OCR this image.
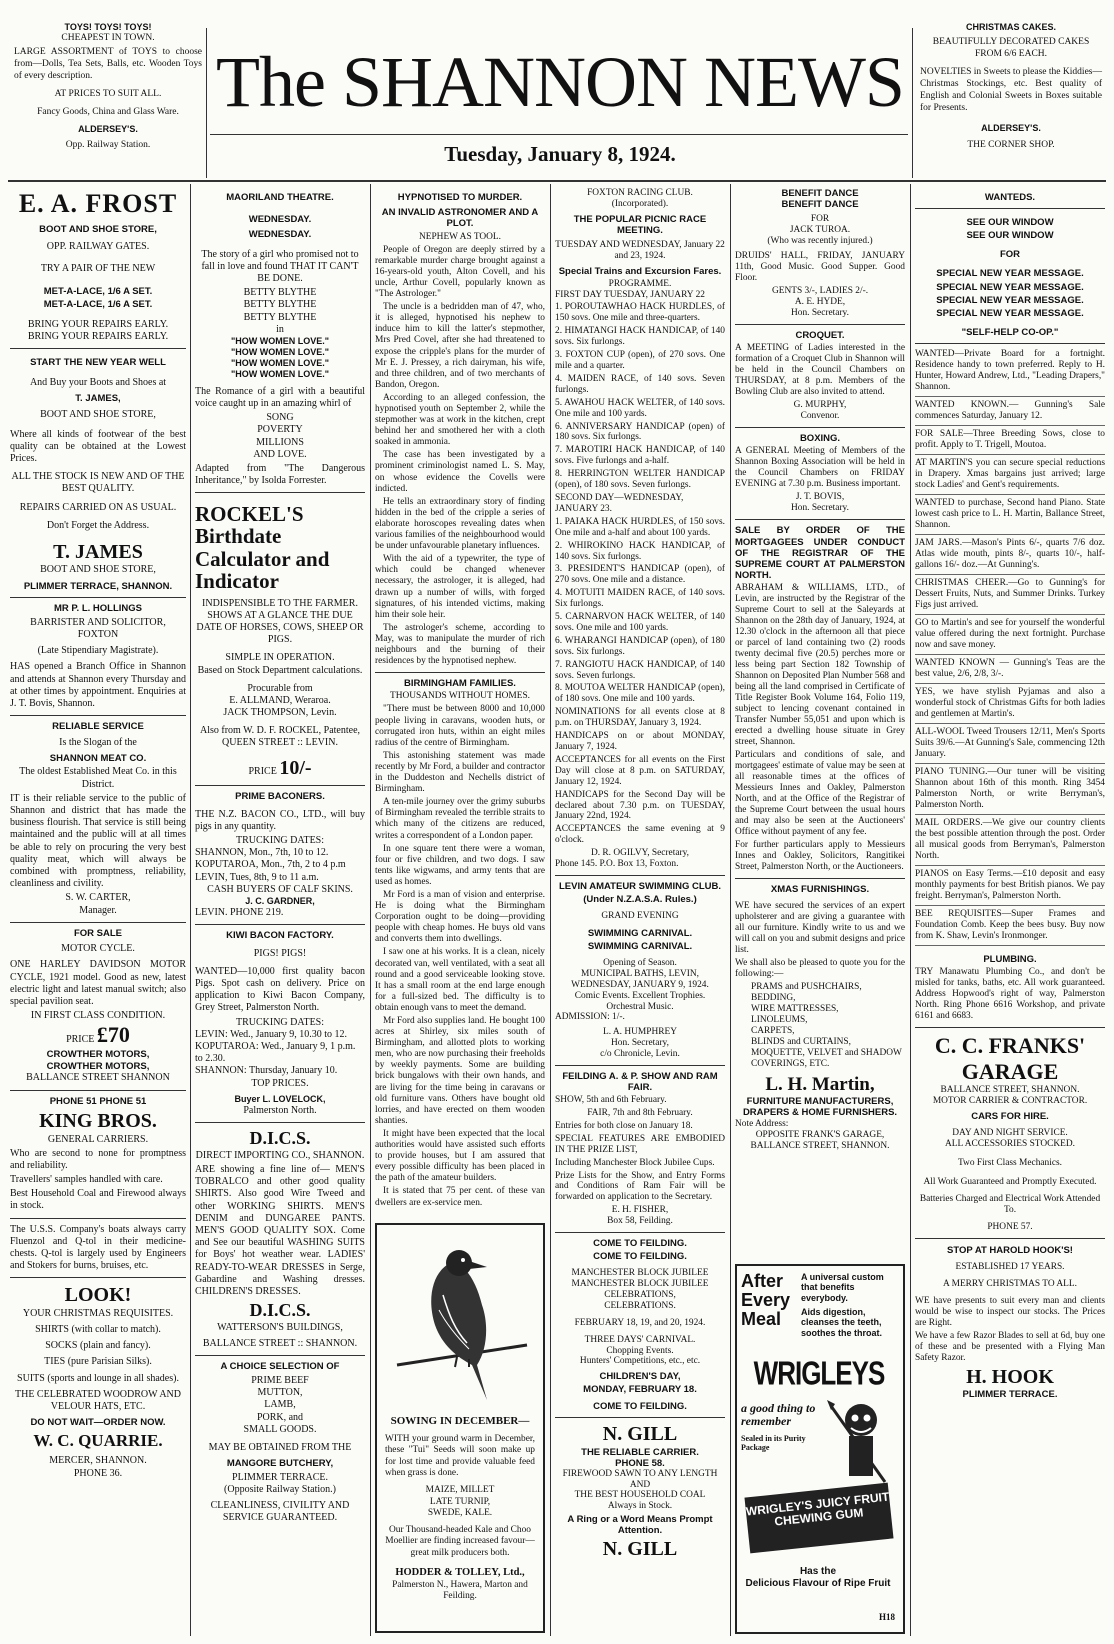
TOYS! TOYS! TOYS!
CHEAPEST IN TOWN.

LARGE ASSORTMENT of TOYS to choose from—Dolls, Tea Sets, Balls, etc. Wooden Toys of every description.

AT PRICES TO SUIT ALL.
Fancy Goods, China and Glass Ware.
ALDERSEY'S.
Opp. Railway Station.
The SHANNON NEWS
Tuesday, January 8, 1924.
CHRISTMAS CAKES.
BEAUTIFULLY DECORATED CAKES FROM 6/6 EACH.

NOVELTIES in Sweets to please the Kiddies—Christmas Stockings, etc. Best quality of English and Colonial Sweets in Boxes suitable for Presents.

ALDERSEY'S.
THE CORNER SHOP.
E. A. FROST
BOOT AND SHOE STORE,
OPP. RAILWAY GATES.
TRY A PAIR OF THE NEW
MET-A-LACE, 1/6 A SET.
MET-A-LACE, 1/6 A SET.
BRING YOUR REPAIRS EARLY.
BRING YOUR REPAIRS EARLY.
START THE NEW YEAR WELL
And Buy your Boots and Shoes at
T. JAMES,
BOOT AND SHOE STORE,

Where all kinds of footwear of the best quality can be obtained at the Lowest Prices.

ALL THE STOCK IS NEW AND OF THE BEST QUALITY.
REPAIRS CARRIED ON AS USUAL.
Don't Forget the Address.
T. JAMES
BOOT AND SHOE STORE,
PLIMMER TERRACE, SHANNON.
MR P. L. HOLLINGS
BARRISTER AND SOLICITOR, FOXTON
(Late Stipendiary Magistrate).

HAS opened a Branch Office in Shannon and attends at Shannon every Thursday and at other times by appointment. Enquiries at J. T. Bovis, Shannon.

RELIABLE SERVICE
Is the Slogan of the
SHANNON MEAT CO.
The oldest Established Meat Co. in this District.

IT is their reliable service to the public of Shannon and district that has made the business flourish. That service is still being maintained and the public will at all times be able to rely on procuring the very best quality meat, which will always be combined with promptness, reliability, cleanliness and civility.

S. W. CARTER,
Manager.
FOR SALE
MOTOR CYCLE.

ONE HARLEY DAVIDSON MOTOR CYCLE, 1921 model. Good as new, latest electric light and latest manual switch; also special pavilion seat.

IN FIRST CLASS CONDITION.
PRICE £70
CROWTHER MOTORS,
CROWTHER MOTORS,
BALLANCE STREET SHANNON
PHONE 51 PHONE 51
KING BROS.
GENERAL CARRIERS.

Who are second to none for promptness and reliability.

Travellers' samples handled with care.

Best Household Coal and Firewood always in stock.

The U.S.S. Company's boats always carry Fluenzol and Q-tol in their medicine-chests. Q-tol is largely used by Engineers and Stokers for burns, bruises, etc.

LOOK!
YOUR CHRISTMAS REQUISITES.
SHIRTS (with collar to match).
SOCKS (plain and fancy).
TIES (pure Parisian Silks).
SUITS (sports and lounge in all shades).
THE CELEBRATED WOODROW AND VELOUR HATS, ETC.
DO NOT WAIT—ORDER NOW.
W. C. QUARRIE.
MERCER, SHANNON.
PHONE 36.
MAORILAND THEATRE.
WEDNESDAY.
WEDNESDAY.

The story of a girl who promised not to fall in love and found THAT IT CAN'T BE DONE.

BETTY BLYTHE
BETTY BLYTHE
BETTY BLYTHE
in
"HOW WOMEN LOVE."
"HOW WOMEN LOVE."
"HOW WOMEN LOVE."
"HOW WOMEN LOVE."

The Romance of a girl with a beautiful voice caught up in an amazing whirl of

SONG
POVERTY
MILLIONS
AND LOVE.

Adapted from "The Dangerous Inheritance," by Isolda Forrester.

ROCKEL'S Birthdate Calculator and Indicator

INDISPENSIBLE TO THE FARMER. SHOWS AT A GLANCE THE DUE DATE OF HORSES, COWS, SHEEP OR PIGS.

SIMPLE IN OPERATION.
Based on Stock Department calculations.
Procurable from
E. ALLMAND, Weraroa.
JACK THOMPSON, Levin.
Also from W. D. F. ROCKEL, Patentee,
QUEEN STREET :: LEVIN.
PRICE 10/-
PRIME BACONERS.

THE N.Z. BACON CO., LTD., will buy pigs in any quantity.

TRUCKING DATES:
SHANNON, Mon., 7th, 10 to 12.
KOPUTAROA, Mon., 7th, 2 to 4 p.m
LEVIN, Tues, 8th, 9 to 11 a.m.
CASH BUYERS OF CALF SKINS.
J. C. GARDNER,
LEVIN. PHONE 219.
KIWI BACON FACTORY.
PIGS! PIGS!

WANTED—10,000 first quality bacon Pigs. Spot cash on delivery. Price on application to Kiwi Bacon Company, Grey Street, Palmerston North.

TRUCKING DATES:
LEVIN: Wed., January 9, 10.30 to 12.
KOPUTAROA: Wed., January 9, 1 p.m. to 2.30.
SHANNON: Thursday, January 10.
TOP PRICES.
Buyer L. LOVELOCK,
Palmerston North.
D.I.C.S.
DIRECT IMPORTING CO., SHANNON.

ARE showing a fine line of— MEN'S TOBRALCO and other good quality SHIRTS. Also good Wire Tweed and other WORKING SHIRTS. MEN'S DENIM and DUNGAREE PANTS. MEN'S GOOD QUALITY SOX. Come and See our beautiful WASHING SUITS for Boys' hot weather wear. LADIES' READY-TO-WEAR DRESSES in Serge, Gabardine and Washing dresses. CHILDREN'S DRESSES.

D.I.C.S.
WATTERSON'S BUILDINGS,
BALLANCE STREET :: SHANNON.
A CHOICE SELECTION OF
PRIME BEEF
MUTTON,
LAMB,
PORK, and
SMALL GOODS.
MAY BE OBTAINED FROM THE
MANGORE BUTCHERY,
PLIMMER TERRACE.
(Opposite Railway Station.)
CLEANLINESS, CIVILITY AND SERVICE GUARANTEED.
HYPNOTISED TO MURDER.
AN INVALID ASTRONOMER AND A PLOT.
NEPHEW AS TOOL.

People of Oregon are deeply stirred by a remarkable murder charge brought against a 16-years-old youth, Alton Covell, and his uncle, Arthur Covell, popularly known as "The Astrologer."

The uncle is a bedridden man of 47, who, it is alleged, hypnotised his nephew to induce him to kill the latter's stepmother, Mrs Pred Covel, after she had threatened to expose the cripple's plans for the murder of Mr E. J. Pressey, a rich dairyman, his wife, and three children, and of two merchants of Bandon, Oregon.

According to an alleged confession, the hypnotised youth on September 2, while the stepmother was at work in the kitchen, crept behind her and smothered her with a cloth soaked in ammonia.

The case has been investigated by a prominent criminologist named L. S. May, on whose evidence the Covells were indicted.

He tells an extraordinary story of finding hidden in the bed of the cripple a series of elaborate horoscopes revealing dates when various families of the neighbourhood would be under unfavourable planetary influences.

With the aid of a typewriter, the type of which could be changed whenever necessary, the astrologer, it is alleged, had drawn up a number of wills, with forged signatures, of his intended victims, making him their sole heir.

The astrologer's scheme, according to May, was to manipulate the murder of rich neighbours and the burning of their residences by the hypnotised nephew.

BIRMINGHAM FAMILIES.
THOUSANDS WITHOUT HOMES.

"There must be between 8000 and 10,000 people living in caravans, wooden huts, or corrugated iron huts, within an eight miles radius of the centre of Birmingham.

This astonishing statement was made recently by Mr Ford, a builder and contractor in the Duddeston and Nechells district of Birmingham.

A ten-mile journey over the grimy suburbs of Birmingham revealed the terrible straits to which many of the citizens are reduced, writes a correspondent of a London paper.

In one square tent there were a woman, four or five children, and two dogs. I saw tents like wigwams, and army tents that are used as homes.

Mr Ford is a man of vision and enterprise. He is doing what the Birmingham Corporation ought to be doing—providing people with cheap homes. He buys old vans and converts them into dwellings.

I saw one at his works. It is a clean, nicely decorated van, well ventilated, with a seat all round and a good serviceable looking stove. It has a small room at the end large enough for a full-sized bed. The difficulty is to obtain enough vans to meet the demand.

Mr Ford also supplies land. He bought 100 acres at Shirley, six miles south of Birmingham, and allotted plots to working men, who are now purchasing their freeholds by weekly payments. Some are building brick bungalows with their own hands, and are living for the time being in caravans or old furniture vans. Others have bought old lorries, and have erected on them wooden shanties.

It might have been expected that the local authorities would have assisted such efforts to provide houses, but I am assured that every possible difficulty has been placed in the path of the amateur builders.

It is stated that 75 per cent. of these van dwellers are ex-service men.

SOWING IN DECEMBER—

WITH your ground warm in December, these "Tui" Seeds will soon make up for lost time and provide valuable feed when grass is done.

MAIZE, MILLET
LATE TURNIP,
SWEDE, KALE.

Our Thousand-headed Kale and Choo Moellier are finding increased favour—great milk producers both.

HODDER & TOLLEY, Ltd.,
Palmerston N., Hawera, Marton and Feilding.
FOXTON RACING CLUB.
(Incorporated).
THE POPULAR PICNIC RACE MEETING.
TUESDAY AND WEDNESDAY, January 22 and 23, 1924.
Special Trains and Excursion Fares.
PROGRAMME.
FIRST DAY TUESDAY, JANUARY 22

1. POROUTAWHAO HACK HURDLES, of 150 sovs. One mile and three-quarters.

2. HIMATANGI HACK HANDICAP, of 140 sovs. Six furlongs.

3. FOXTON CUP (open), of 270 sovs. One mile and a quarter.

4. MAIDEN RACE, of 140 sovs. Seven furlongs.

5. AWAHOU HACK WELTER, of 140 sovs. One mile and 100 yards.

6. ANNIVERSARY HANDICAP (open) of 180 sovs. Six furlongs.

7. MAROTIRI HACK HANDICAP, of 140 sovs. Five furlongs and a-half.

8. HERRINGTON WELTER HANDICAP (open), of 180 sovs. Seven furlongs.

SECOND DAY—WEDNESDAY, JANUARY 23.

1. PAIAKA HACK HURDLES, of 150 sovs. One mile and a-half and about 100 yards.

2. WHIROKINO HACK HANDICAP, of 140 sovs. Six furlongs.

3. PRESIDENT'S HANDICAP (open), of 270 sovs. One mile and a distance.

4. MOTUITI MAIDEN RACE, of 140 sovs. Six furlongs.

5. CARNARVON HACK WELTER, of 140 sovs. One mile and 100 yards.

6. WHARANGI HANDICAP (open), of 180 sovs. Six furlongs.

7. RANGIOTU HACK HANDICAP, of 140 sovs. Seven furlongs.

8. MOUTOA WELTER HANDICAP (open), of 180 sovs. One mile and 100 yards.

NOMINATIONS for all events close at 8 p.m. on THURSDAY, January 3, 1924.

HANDICAPS on or about MONDAY, January 7, 1924.

ACCEPTANCES for all events on the First Day will close at 8 p.m. on SATURDAY, January 12, 1924.

HANDICAPS for the Second Day will be declared about 7.30 p.m. on TUESDAY, January 22nd, 1924.

ACCEPTANCES the same evening at 9 o'clock.

D. R. OGILVY, Secretary,
Phone 145. P.O. Box 13, Foxton.
LEVIN AMATEUR SWIMMING CLUB.
(Under N.Z.A.S.A. Rules.)
GRAND EVENING
SWIMMING CARNIVAL.
SWIMMING CARNIVAL.
Opening of Season.
MUNICIPAL BATHS, LEVIN,
WEDNESDAY, JANUARY 9, 1924.
Comic Events. Excellent Trophies.
Orchestral Music.
ADMISSION: 1/-.
L. A. HUMPHREY
Hon. Secretary,
c/o Chronicle, Levin.
FEILDING A. & P. SHOW AND RAM FAIR.

SHOW, 5th and 6th February.

FAIR, 7th and 8th February.

Entries for both close on January 18.

SPECIAL FEATURES ARE EMBODIED IN THE PRIZE LIST,

Including Manchester Block Jubilee Cups.

Prize Lists for the Show, and Entry Forms and Conditions of Ram Fair will be forwarded on application to the Secretary.

E. H. FISHER,
Box 58, Feilding.
COME TO FEILDING.
COME TO FEILDING.
MANCHESTER BLOCK JUBILEE
MANCHESTER BLOCK JUBILEE
CELEBRATIONS,
CELEBRATIONS.
FEBRUARY 18, 19, and 20, 1924.
THREE DAYS' CARNIVAL.
Chopping Events.
Hunters' Competitions, etc., etc.
CHILDREN'S DAY,
MONDAY, FEBRUARY 18.
COME TO FEILDING.
N. GILL
THE RELIABLE CARRIER.
PHONE 58.
FIREWOOD SAWN TO ANY LENGTH
AND
THE BEST HOUSEHOLD COAL
Always in Stock.
A Ring or a Word Means Prompt Attention.
N. GILL
BENEFIT DANCE
BENEFIT DANCE
FOR
JACK TUROA.
(Who was recently injured.)

DRUIDS' HALL, FRIDAY, JANUARY 11th, Good Music. Good Supper. Good Floor.

GENTS 3/-, LADIES 2/-.
A. E. HYDE,
Hon. Secretary.
CROQUET.

A MEETING of Ladies interested in the formation of a Croquet Club in Shannon will be held in the Council Chambers on THURSDAY, at 8 p.m. Members of the Bowling Club are also invited to attend.

G. MURPHY,
Convenor.
BOXING.

A GENERAL Meeting of Members of the Shannon Boxing Association will be held in the Council Chambers on FRIDAY EVENING at 7.30 p.m. Business important.

J. T. BOVIS,
Hon. Secretary.
SALE BY ORDER OF THE MORTGAGEES UNDER CONDUCT OF THE REGISTRAR OF THE SUPREME COURT AT PALMERSTON NORTH.

ABRAHAM & WILLIAMS, LTD., of Levin, are instructed by the Registrar of the Supreme Court to sell at the Saleyards at Shannon on the 28th day of January, 1924, at 12.30 o'clock in the afternoon all that piece or parcel of land containing two (2) roods twenty decimal five (20.5) perches more or less being part Section 182 Township of Shannon on Deposited Plan Number 568 and being all the land comprised in Certificate of Title Register Book Volume 164, Folio 119, subject to lencing covenant contained in Transfer Number 55,051 and upon which is erected a dwelling house situate in Grey street, Shannon.

Particulars and conditions of sale, and mortgagees' estimate of value may be seen at all reasonable times at the offices of Messieurs Innes and Oakley, Palmerston North, and at the Office of the Registrar of the Supreme Court between the usual hours and may also be seen at the Auctioneers' Office without payment of any fee.

For further particulars apply to Messieurs Innes and Oakley, Solicitors, Rangitikei Street, Palmerston North, or the Auctioneers.

XMAS FURNISHINGS.

WE have secured the services of an expert upholsterer and are giving a guarantee with all our furniture. Kindly write to us and we will call on you and submit designs and price list.

We shall also be pleased to quote you for the following:—

PRAMS and PUSHCHAIRS,
BEDDING,
WIRE MATTRESSES,
LINOLEUMS,
CARPETS,
BLINDS and CURTAINS,
MOQUETTE, VELVET and SHADOW COVERINGS, ETC.
L. H. Martin,
FURNITURE MANUFACTURERS, DRAPERS & HOME FURNISHERS.
Note Address:
OPPOSITE FRANK'S GARAGE,
BALLANCE STREET, SHANNON.
After
Every
Meal
A universal custom that benefits everybody.
Aids digestion, cleanses the teeth, soothes the throat.
WRIGLEYS
a good thing to remember
Sealed in its Purity Package
WRIGLEY'S JUICY FRUIT CHEWING GUM
Has the
Delicious Flavour of Ripe Fruit
H18
WANTEDS.
SEE OUR WINDOW
SEE OUR WINDOW
FOR
SPECIAL NEW YEAR MESSAGE.
SPECIAL NEW YEAR MESSAGE.
SPECIAL NEW YEAR MESSAGE.
SPECIAL NEW YEAR MESSAGE.
"SELF-HELP CO-OP."
WANTED—Private Board for a fortnight. Residence handy to town preferred. Reply to H. Hunter, Howard Andrew, Ltd., "Leading Drapers," Shannon.
WANTED KNOWN.— Gunning's Sale commences Saturday, January 12.
FOR SALE—Three Breeding Sows, close to profit. Apply to T. Trigell, Moutoa.
AT MARTIN'S you can secure special reductions in Drapery. Xmas bargains just arrived; large stock Ladies' and Gent's requirements.
WANTED to purchase, Second hand Piano. State lowest cash price to L. H. Martin, Ballance Street, Shannon.
JAM JARS.—Mason's Pints 6/-, quarts 7/6 doz. Atlas wide mouth, pints 8/-, quarts 10/-, half-gallons 16/- doz.—At Gunning's.
CHRISTMAS CHEER.—Go to Gunning's for Dessert Fruits, Nuts, and Summer Drinks. Turkey Figs just arrived.
GO to Martin's and see for yourself the wonderful value offered during the next fortnight. Purchase now and save money.
WANTED KNOWN — Gunning's Teas are the best value, 2/6, 2/8, 3/-.
YES, we have stylish Pyjamas and also a wonderful stock of Christmas Gifts for both ladies and gentlemen at Martin's.
ALL-WOOL Tweed Trousers 12/11, Men's Sports Suits 39/6.—At Gunning's Sale, commencing 12th January.
PIANO TUNING.—Our tuner will be visiting Shannon about 16th of this month. Ring 3454 Palmerston North, or write Berryman's, Palmerston North.
MAIL ORDERS.—We give our country clients the best possible attention through the post. Order all musical goods from Berryman's, Palmerston North.
PIANOS on Easy Terms.—£10 deposit and easy monthly payments for best British pianos. We pay freight. Berryman's, Palmerston North.
BEE REQUISITES—Super Frames and Foundation Comb. Keep the bees busy. Buy now from K. Shaw, Levin's Ironmonger.
PLUMBING.

TRY Manawatu Plumbing Co., and don't be misled for tanks, baths, etc. All work guaranteed. Address Hopwood's right of way, Palmerston North. Ring Phone 6616 Workshop, and private 6161 and 6683.

C. C. FRANKS'
GARAGE
BALLANCE STREET, SHANNON.
MOTOR CARRIER & CONTRACTOR.
CARS FOR HIRE.
DAY AND NIGHT SERVICE.
ALL ACCESSORIES STOCKED.
Two First Class Mechanics.
All Work Guaranteed and Promptly Executed.
Batteries Charged and Electrical Work Attended To.
PHONE 57.
STOP AT HAROLD HOOK'S!
ESTABLISHED 17 YEARS.
A MERRY CHRISTMAS TO ALL.

WE have presents to suit every man and clients would be wise to inspect our stocks. The Prices are Right.

We have a few Razor Blades to sell at 6d, buy one of these and be presented with a Flying Man Safety Razor.

H. HOOK
PLIMMER TERRACE.
